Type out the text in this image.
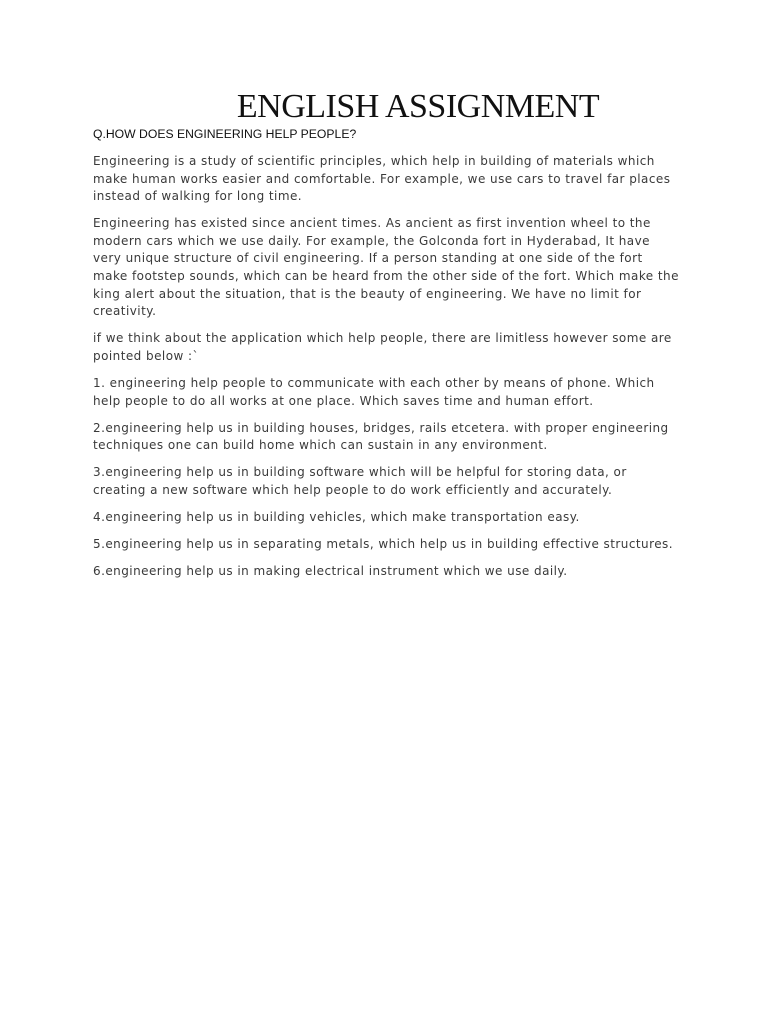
ENGLISH ASSIGNMENT
Q.HOW DOES ENGINEERING HELP PEOPLE?

Engineering is a study of scientific principles, which help in building of materials which make human works easier and comfortable. For example, we use cars to travel far places instead of walking for long time.

Engineering has existed since ancient times. As ancient as first invention wheel to the modern cars which we use daily. For example, the Golconda fort in Hyderabad, It have very unique structure of civil engineering. If a person standing at one side of the fort make footstep sounds, which can be heard from the other side of the fort. Which make the king alert about the situation, that is the beauty of engineering. We have no limit for creativity.

if we think about the application which help people, there are limitless however some are pointed below :`

1. engineering help people to communicate with each other by means of phone. Which help people to do all works at one place. Which saves time and human effort.

2.engineering help us in building houses, bridges, rails etcetera. with proper engineering techniques one can build home which can sustain in any environment.

3.engineering help us in building software which will be helpful for storing data, or creating a new software which help people to do work efficiently and accurately.

4.engineering help us in building vehicles, which make transportation easy.

5.engineering help us in separating metals, which help us in building effective structures.

6.engineering help us in making electrical instrument which we use daily.
